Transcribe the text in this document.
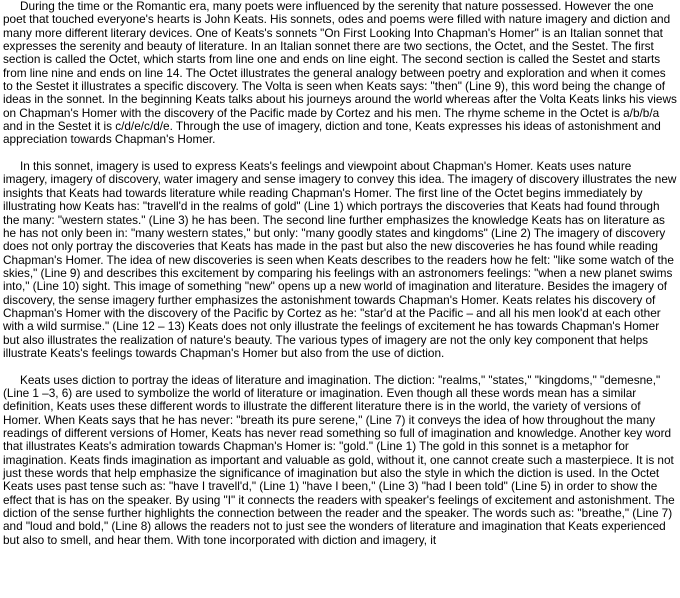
During the time or the Romantic era, many poets were influenced by the serenity that nature possessed. However the one poet that touched everyone's hearts is John Keats. His sonnets, odes and poems were filled with nature imagery and diction and many more different literary devices. One of Keats's sonnets "On First Looking Into Chapman's Homer" is an Italian sonnet that expresses the serenity and beauty of literature. In an Italian sonnet there are two sections, the Octet, and the Sestet. The first section is called the Octet, which starts from line one and ends on line eight. The second section is called the Sestet and starts from line nine and ends on line 14. The Octet illustrates the general analogy between poetry and exploration and when it comes to the Sestet it illustrates a specific discovery. The Volta is seen when Keats says: "then" (Line 9), this word being the change of ideas in the sonnet. In the beginning Keats talks about his journeys around the world whereas after the Volta Keats links his views on Chapman's Homer with the discovery of the Pacific made by Cortez and his men. The rhyme scheme in the Octet is a/b/b/a and in the Sestet it is c/d/e/c/d/e. Through the use of imagery, diction and tone, Keats expresses his ideas of astonishment and appreciation towards Chapman's Homer.

In this sonnet, imagery is used to express Keats's feelings and viewpoint about Chapman's Homer. Keats uses nature imagery, imagery of discovery, water imagery and sense imagery to convey this idea. The imagery of discovery illustrates the new insights that Keats had towards literature while reading Chapman's Homer. The first line of the Octet begins immediately by illustrating how Keats has: "travell'd in the realms of gold" (Line 1) which portrays the discoveries that Keats had found through the many: "western states." (Line 3) he has been. The second line further emphasizes the knowledge Keats has on literature as he has not only been in: "many western states," but only: "many goodly states and kingdoms" (Line 2) The imagery of discovery does not only portray the discoveries that Keats has made in the past but also the new discoveries he has found while reading Chapman's Homer. The idea of new discoveries is seen when Keats describes to the readers how he felt: "like some watch of the skies," (Line 9) and describes this excitement by comparing his feelings with an astronomers feelings: "when a new planet swims into," (Line 10) sight. This image of something "new" opens up a new world of imagination and literature. Besides the imagery of discovery, the sense imagery further emphasizes the astonishment towards Chapman's Homer. Keats relates his discovery of Chapman's Homer with the discovery of the Pacific by Cortez as he: "star'd at the Pacific – and all his men look'd at each other with a wild surmise." (Line 12 – 13) Keats does not only illustrate the feelings of excitement he has towards Chapman's Homer but also illustrates the realization of nature's beauty. The various types of imagery are not the only key component that helps illustrate Keats's feelings towards Chapman's Homer but also from the use of diction.

Keats uses diction to portray the ideas of literature and imagination. The diction: "realms," "states," "kingdoms," "demesne," (Line 1 –3, 6) are used to symbolize the world of literature or imagination. Even though all these words mean has a similar definition, Keats uses these different words to illustrate the different literature there is in the world, the variety of versions of Homer. When Keats says that he has never: "breath its pure serene," (Line 7) it conveys the idea of how throughout the many readings of different versions of Homer, Keats has never read something so full of imagination and knowledge. Another key word that illustrates Keats's admiration towards Chapman's Homer is: "gold." (Line 1) The gold in this sonnet is a metaphor for imagination. Keats finds imagination as important and valuable as gold, without it, one cannot create such a masterpiece. It is not just these words that help emphasize the significance of imagination but also the style in which the diction is used. In the Octet Keats uses past tense such as: "have I travell'd," (Line 1) "have I been," (Line 3) "had I been told" (Line 5) in order to show the effect that is has on the speaker. By using "I" it connects the readers with speaker's feelings of excitement and astonishment. The diction of the sense further highlights the connection between the reader and the speaker. The words such as: "breathe," (Line 7) and "loud and bold," (Line 8) allows the readers not to just see the wonders of literature and imagination that Keats experienced but also to smell, and hear them. With tone incorporated with diction and imagery, it
